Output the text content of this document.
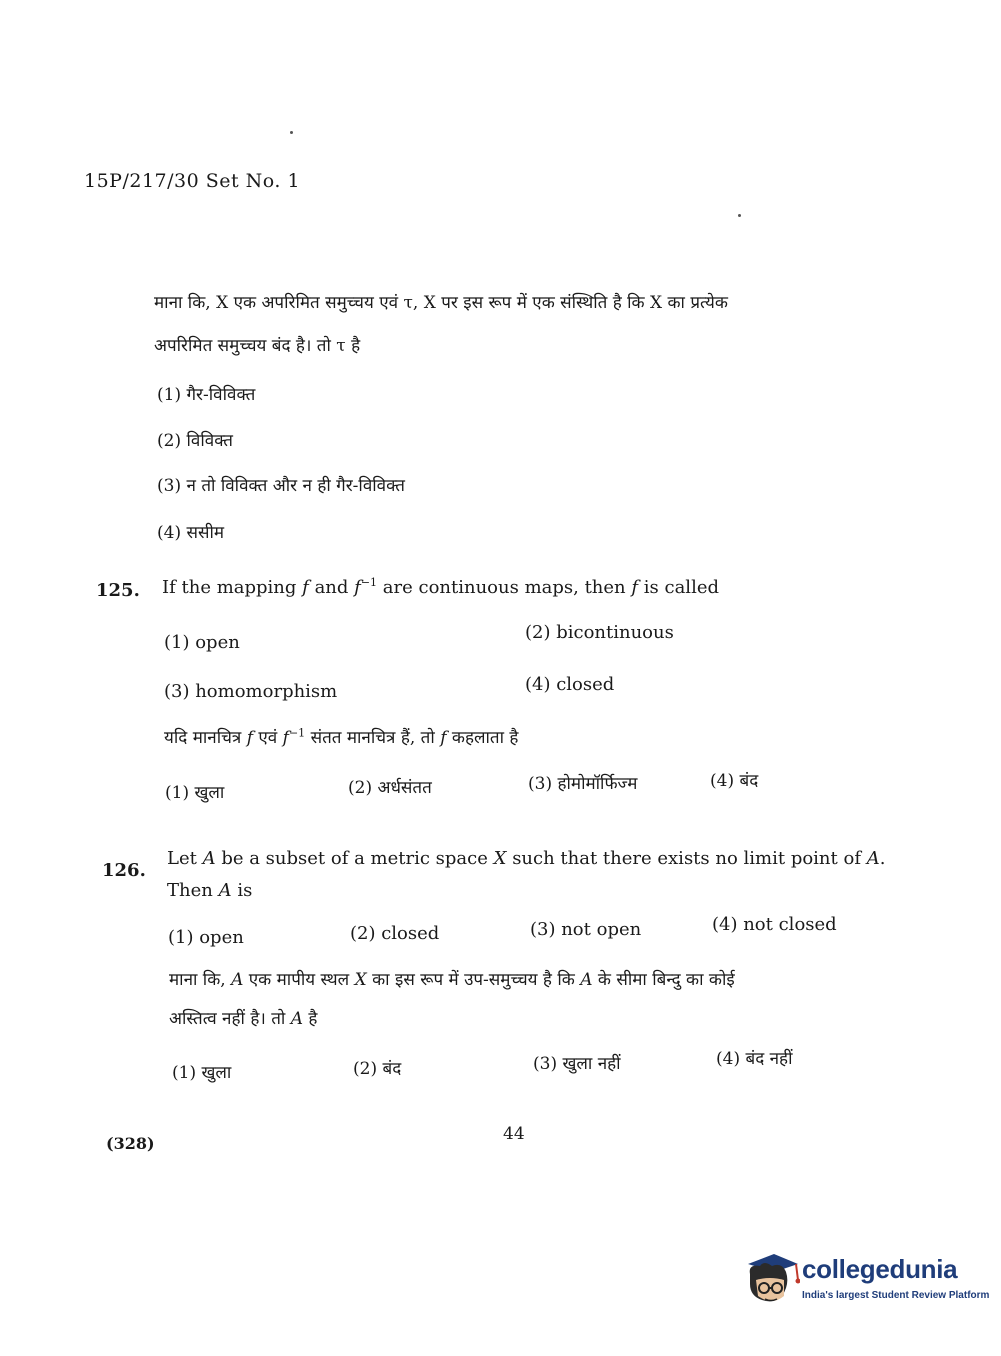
15P/217/30 Set No. 1
माना कि, X एक अपरिमित समुच्चय एवं τ, X पर इस रूप में एक संस्थिति है कि X का प्रत्येक
अपरिमित समुच्चय बंद है। तो τ है
(1) गैर-विविक्त
(2) विविक्त
(3) न तो विविक्त और न ही गैर-विविक्त
(4) ससीम
125. If the mapping f and $f^{-1}$ are continuous maps, then f is called
(1) open	(2) bicontinuous
(3) homomorphism	(4) closed
यदि मानचित्र f एवं $f^{-1}$ संतत मानचित्र हैं, तो f कहलाता है
(1) खुला	(2) अर्धसंतत	(3) होमोमॉर्फिज्म	(4) बंद
126.
Let A be a subset of a metric space X such that there exists no limit point of A.
Then A is
(1) open	(2) closed	(3) not open	(4) not closed
माना कि, A एक मापीय स्थल X का इस रूप में उप-समुच्चय है कि A के सीमा बिन्दु का कोई
अस्तित्व नहीं है। तो A है
(1) खुला	(2) बंद	(3) खुला नहीं	(4) बंद नहीं
(328)	44
collegedunia
India's largest Student Review Platform
